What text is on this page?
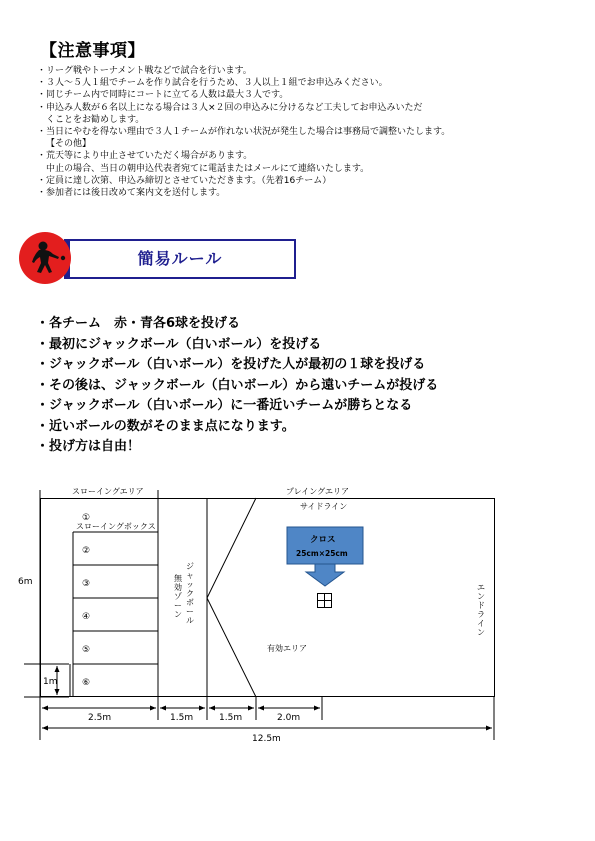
【注意事項】
・リーグ戦やトーナメント戦などで試合を行います。
・３人～５人１組でチームを作り試合を行うため、３人以上１組でお申込みください。
・同じチーム内で同時にコートに立てる人数は最大３人です。
・申込み人数が６名以上になる場合は３人×２回の申込みに分けるなど工夫してお申込みいただ
くことをお勧めします。
・当日にやむを得ない理由で３人１チームが作れない状況が発生した場合は事務局で調整いたします。
【その他】
・荒天等により中止させていただく場合があります。
中止の場合、当日の朝申込代表者宛てに電話またはメールにて連絡いたします。
・定員に達し次第、申込み締切とさせていただきます。（先着16チーム）
・参加者には後日改めて案内文を送付します。
簡易ルール
・各チーム　赤・青各6球を投げる
・最初にジャックボール（白いボール）を投げる
・ジャックボール（白いボール）を投げた人が最初の１球を投げる
・その後は、ジャックボール（白いボール）から遠いチームが投げる
・ジャックボール（白いボール）に一番近いチームが勝ちとなる
・近いボールの数がそのまま点になります。
・投げ方は自由！
スローイングエリア	プレイングエリア
サイドライン
スローイングボックス
①
②
③
④
⑤
⑥
有効エリア
クロス
25cm×25cm
6m
1m
2.5m	1.5m	1.5m	2.0m
12.5m
ジ
ャ
ッ
ク
ボ
ー
ル
無
効
ゾ
ー
ン
エ
ン
ド
ラ
イ
ン
